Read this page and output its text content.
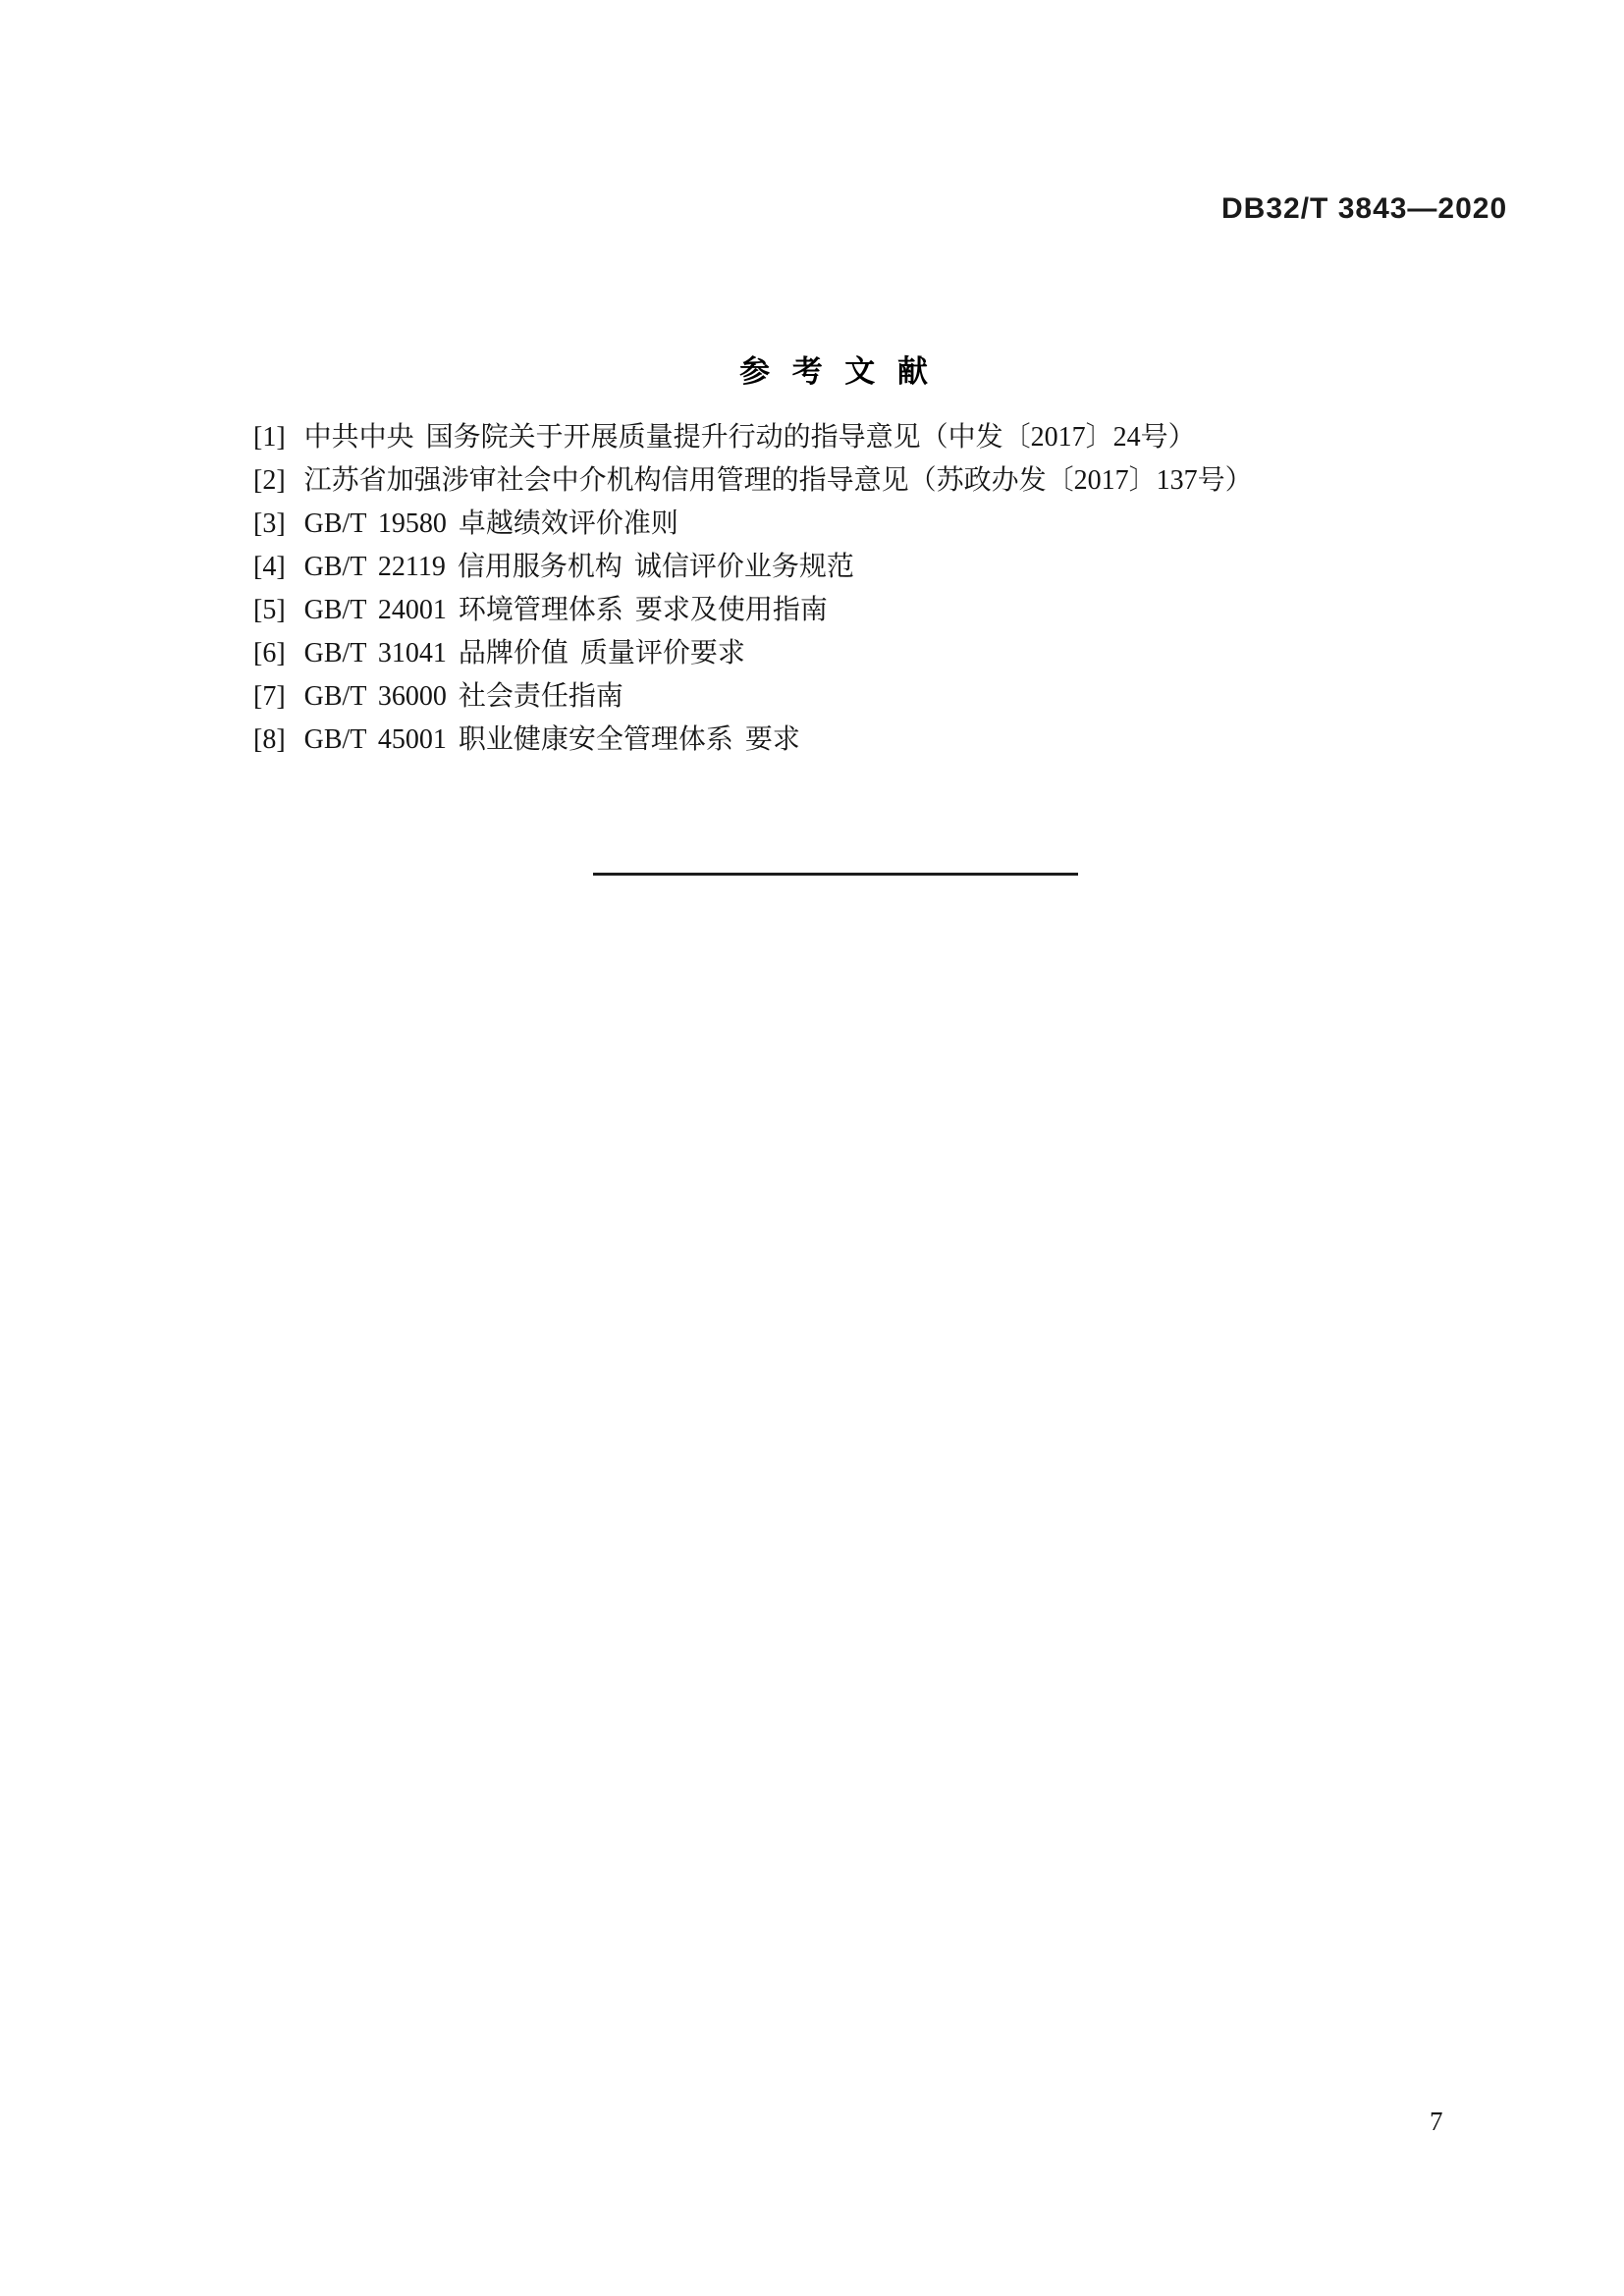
DB32/T 3843—2020
参 考 文 献
[1] 中共中央 国务院关于开展质量提升行动的指导意见（中发〔2017〕24号）
[2] 江苏省加强涉审社会中介机构信用管理的指导意见（苏政办发〔2017〕137号）
[3] GB/T 19580 卓越绩效评价准则
[4] GB/T 22119 信用服务机构 诚信评价业务规范
[5] GB/T 24001 环境管理体系 要求及使用指南
[6] GB/T 31041 品牌价值 质量评价要求
[7] GB/T 36000 社会责任指南
[8] GB/T 45001 职业健康安全管理体系 要求
7
